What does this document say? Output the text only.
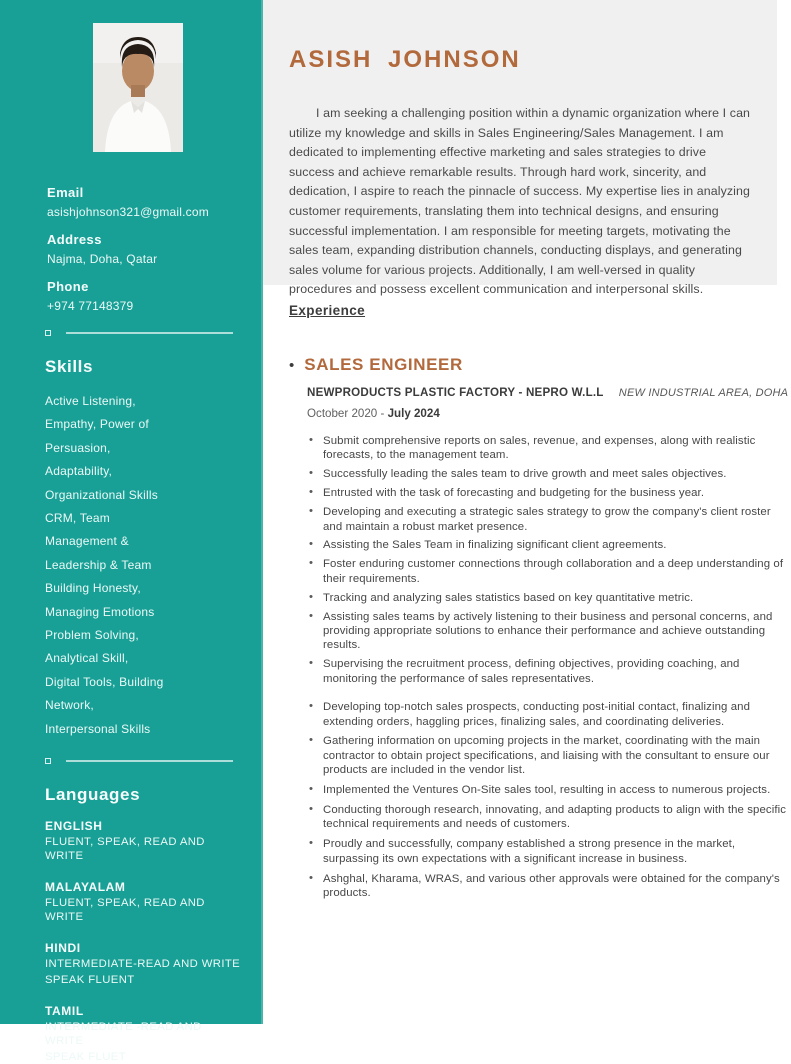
Email
asishjohnson321@gmail.com
Address
Najma, Doha, Qatar
Phone
+974 77148379
Skills
Active Listening,
Empathy, Power of
Persuasion,
Adaptability,
Organizational Skills
CRM, Team
Management &
Leadership & Team
Building Honesty,
Managing Emotions
Problem Solving,
Analytical Skill,
Digital Tools, Building
Network,
Interpersonal Skills
Languages
ENGLISH
FLUENT, SPEAK, READ AND WRITE
MALAYALAM
FLUENT, SPEAK, READ AND WRITE
HINDI
INTERMEDIATE-READ AND WRITE
SPEAK FLUENT
TAMIL
INTERMEDIATE -READ AND WRITE
SPEAK FLUET
ASISH JOHNSON

I am seeking a challenging position within a dynamic organization where I can utilize my knowledge and skills in Sales Engineering/Sales Management. I am dedicated to implementing effective marketing and sales strategies to drive success and achieve remarkable results. Through hard work, sincerity, and dedication, I aspire to reach the pinnacle of success. My expertise lies in analyzing customer requirements, translating them into technical designs, and ensuring successful implementation. I am responsible for meeting targets, motivating the sales team, expanding distribution channels, conducting displays, and generating sales volume for various projects. Additionally, I am well-versed in quality procedures and possess excellent communication and interpersonal skills.

Experience
• SALES ENGINEER
NEWPRODUCTS PLASTIC FACTORY - NEPRO W.L.L NEW INDUSTRIAL AREA, DOHA
October 2020 - July 2024
• Submit comprehensive reports on sales, revenue, and expenses, along with realistic forecasts, to the management team.
• Successfully leading the sales team to drive growth and meet sales objectives.
• Entrusted with the task of forecasting and budgeting for the business year.
• Developing and executing a strategic sales strategy to grow the company's client roster and maintain a robust market presence.
• Assisting the Sales Team in finalizing significant client agreements.
• Foster enduring customer connections through collaboration and a deep understanding of their requirements.
• Tracking and analyzing sales statistics based on key quantitative metric.
• Assisting sales teams by actively listening to their business and personal concerns, and providing appropriate solutions to enhance their performance and achieve outstanding results.
• Supervising the recruitment process, defining objectives, providing coaching, and monitoring the performance of sales representatives.
• Developing top-notch sales prospects, conducting post-initial contact, finalizing and extending orders, haggling prices, finalizing sales, and coordinating deliveries.
• Gathering information on upcoming projects in the market, coordinating with the main contractor to obtain project specifications, and liaising with the consultant to ensure our products are included in the vendor list.
• Implemented the Ventures On-Site sales tool, resulting in access to numerous projects.
• Conducting thorough research, innovating, and adapting products to align with the specific technical requirements and needs of customers.
• Proudly and successfully, company established a strong presence in the market, surpassing its own expectations with a significant increase in business.
• Ashghal, Kharama, WRAS, and various other approvals were obtained for the company's products.
